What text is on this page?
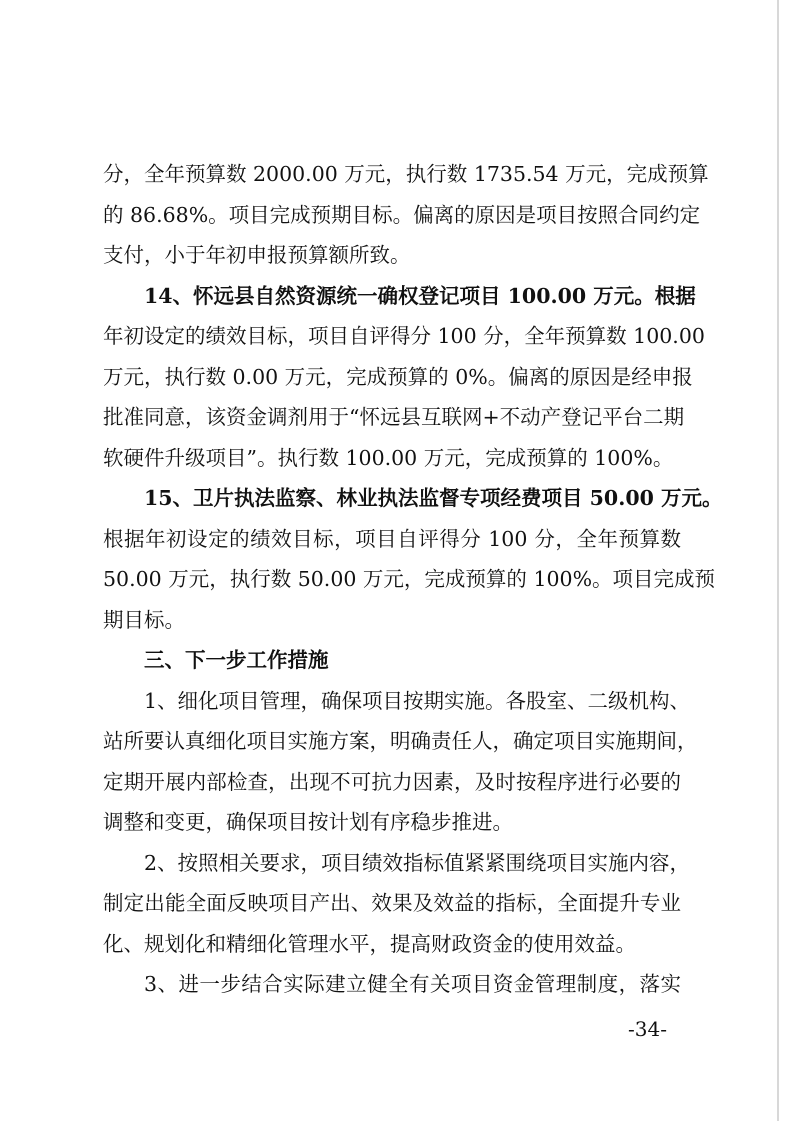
分，全年预算数 2000.00 万元，执行数 1735.54 万元，完成预算
的 86.68%。项目完成预期目标。偏离的原因是项目按照合同约定
支付，小于年初申报预算额所致。
14、怀远县自然资源统一确权登记项目 100.00 万元。根据
年初设定的绩效目标，项目自评得分 100 分，全年预算数 100.00
万元，执行数 0.00 万元，完成预算的 0%。偏离的原因是经申报
批准同意，该资金调剂用于“怀远县互联网+不动产登记平台二期
软硬件升级项目”。执行数 100.00 万元，完成预算的 100%。
15、卫片执法监察、林业执法监督专项经费项目 50.00 万元。
根据年初设定的绩效目标，项目自评得分 100 分，全年预算数
50.00 万元，执行数 50.00 万元，完成预算的 100%。项目完成预
期目标。
三、下一步工作措施
1、细化项目管理，确保项目按期实施。各股室、二级机构、
站所要认真细化项目实施方案，明确责任人，确定项目实施期间，
定期开展内部检查，出现不可抗力因素，及时按程序进行必要的
调整和变更，确保项目按计划有序稳步推进。
2、按照相关要求，项目绩效指标值紧紧围绕项目实施内容，
制定出能全面反映项目产出、效果及效益的指标，全面提升专业
化、规划化和精细化管理水平，提高财政资金的使用效益。
3、进一步结合实际建立健全有关项目资金管理制度，落实
-34-
